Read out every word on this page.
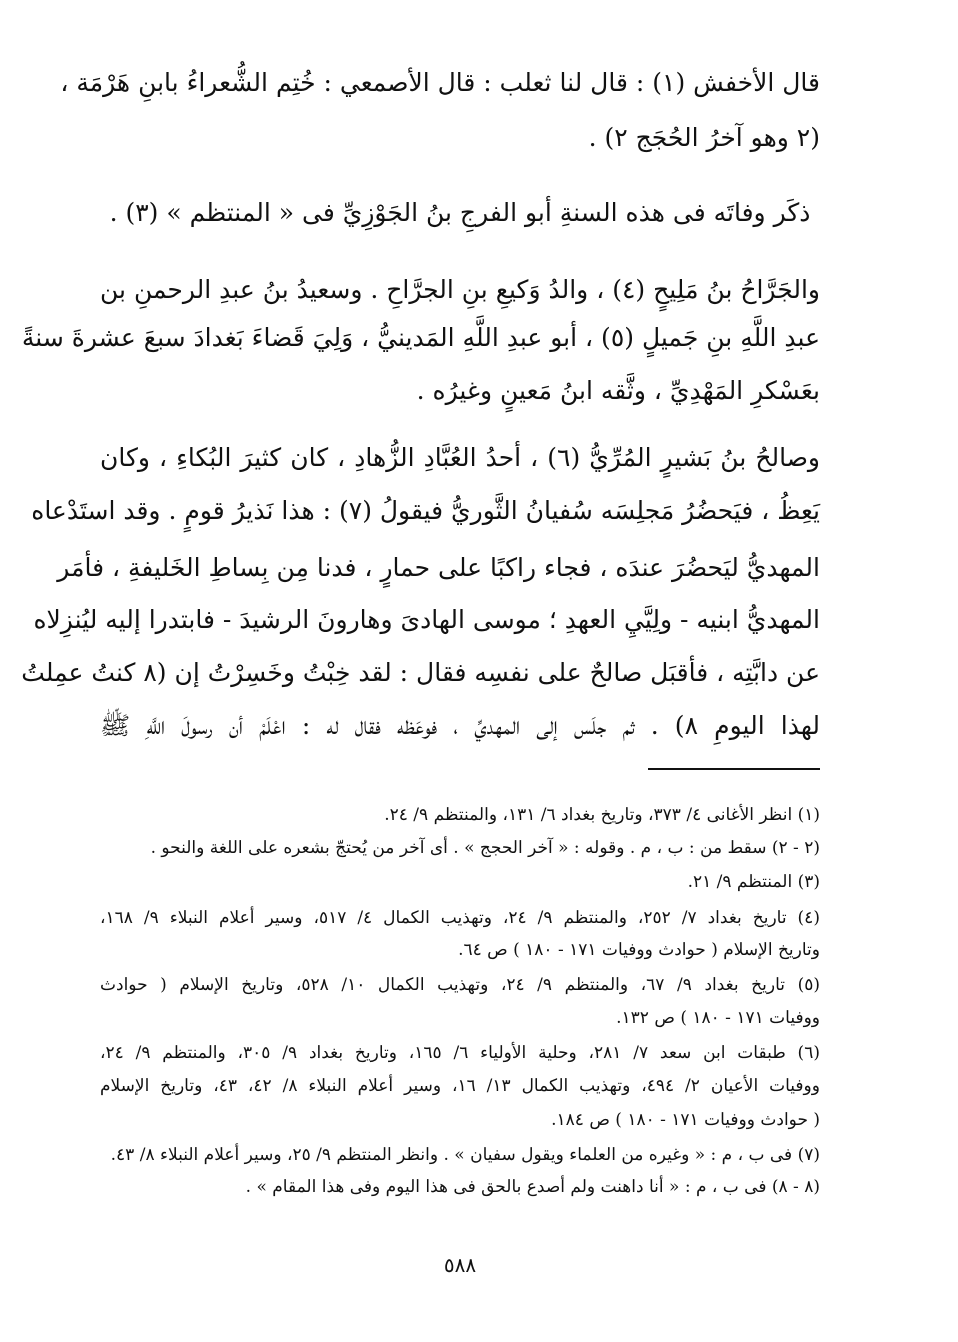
قال الأخفش (١) : قال لنا ثعلب : قال الأصمعي : خُتِم الشُّعراءُ بابنِ هَرْمَة ،
(٢ وهو آخرُ الحُجَج ٢) .
ذكَر وفاتَه فى هذه السنةِ أبو الفرجِ بنُ الجَوْزِيِّ فى « المنتظم » (٣) .
والجَرَّاحُ بنُ مَلِيحٍ (٤) ، والدُ وَكيعِ بنِ الجرَّاحِ . وسعيدُ بنُ عبدِ الرحمنِ بن
عبدِ اللَّهِ بنِ جَميلٍ (٥) ، أبو عبدِ اللَّهِ المَدينيُّ ، وَلِيَ قَضاءَ بَغدادَ سبعَ عشرةَ سنةً
بعَسْكرِ المَهْدِيِّ ، وثَّقه ابنُ مَعينٍ وغيرُه .
وصالحُ بنُ بَشيرٍ المُرِّيُّ (٦) ، أحدُ العُبَّادِ الزُّهادِ ، كان كثيرَ البُكاءِ ، وكان
يَعِظُ ، فيَحضُرُ مَجلِسَه سُفيانُ الثَّوريُّ فيقولُ (٧) : هذا نَذيرُ قومٍ . وقد استَدْعاه
المهديُّ ليَحضُرَ عندَه ، فجاء راكبًا على حمارٍ ، فدنا مِن بِساطِ الخَليفةِ ، فأمَر
المهديُّ ابنيه - ولِيَّيِ العهدِ ؛ موسى الهادىَ وهارونَ الرشيدَ - فابتدرا إليه ليُنزِلاه
عن دابَّتِه ، فأقبَل صالحٌ على نفسِه فقال : لقد خِبْتُ وخَسِرْتُ إن (٨ كنتُ عمِلتُ
لهذا اليومِ ٨) . ثم جلَس إلى المهديِّ ، فوعَظه فقال له : اعْلَمْ أن رسولَ اللَّهِ ﷺ
(١) انظر الأغانى ٤/ ٣٧٣، وتاريخ بغداد ٦/ ١٣١، والمنتظم ٩/ ٢٤.
(٢ - ٢) سقط من : ب ، م . وقوله : « آخر الحجج » . أى آخر من يُحتجّ بشعره على اللغة والنحو .
(٣) المنتظم ٩/ ٢١.
(٤) تاريخ بغداد ٧/ ٢٥٢، والمنتظم ٩/ ٢٤، وتهذيب الكمال ٤/ ٥١٧، وسير أعلام النبلاء ٩/ ١٦٨،
وتاريخ الإسلام ( حوادث ووفيات ١٧١ - ١٨٠ ) ص ٦٤.
(٥) تاريخ بغداد ٩/ ٦٧، والمنتظم ٩/ ٢٤، وتهذيب الكمال ١٠/ ٥٢٨، وتاريخ الإسلام ( حوادث
ووفيات ١٧١ - ١٨٠ ) ص ١٣٢.
(٦) طبقات ابن سعد ٧/ ٢٨١، وحلية الأولياء ٦/ ١٦٥، وتاريخ بغداد ٩/ ٣٠٥، والمنتظم ٩/ ٢٤،
ووفيات الأعيان ٢/ ٤٩٤، وتهذيب الكمال ١٣/ ١٦، وسير أعلام النبلاء ٨/ ٤٢، ٤٣، وتاريخ الإسلام
( حوادث ووفيات ١٧١ - ١٨٠ ) ص ١٨٤.
(٧) فى ب ، م : « وغيره من العلماء ويقول سفيان » . وانظر المنتظم ٩/ ٢٥، وسير أعلام النبلاء ٨/ ٤٣.
(٨ - ٨) فى ب ، م : « أنا داهنت ولم أصدع بالحق فى هذا اليوم وفى هذا المقام » .
٥٨٨
